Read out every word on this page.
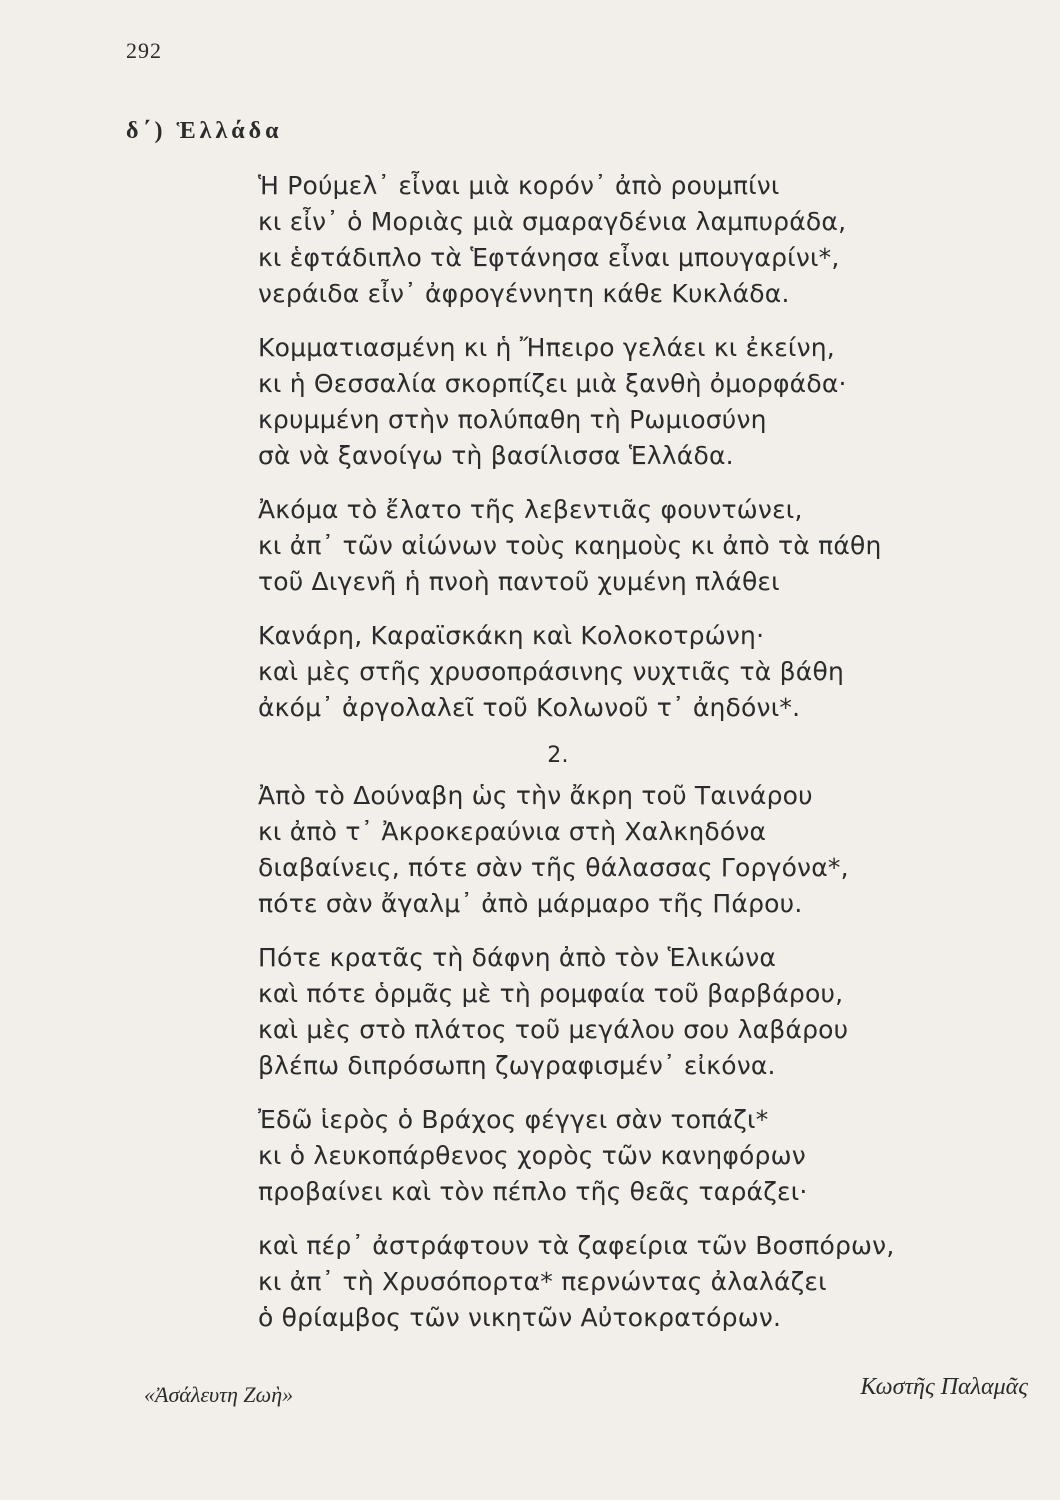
292
δ΄) Ἑλλάδα
Ἡ Ρούμελ᾽ εἶναι μιὰ κορόν᾽ ἀπὸ ρουμπίνι
κι εἶν᾽ ὁ Μοριὰς μιὰ σμαραγδένια λαμπυράδα,
κι ἑφτάδιπλο τὰ Ἑφτάνησα εἶναι μπουγαρίνι*,
νεράιδα εἶν᾽ ἀφρογέννητη κάθε Κυκλάδα.
Κομματιασμένη κι ἡ Ἤπειρο γελάει κι ἐκείνη,
κι ἡ Θεσσαλία σκορπίζει μιὰ ξανθὴ ὀμορφάδα·
κρυμμένη στὴν πολύπαθη τὴ Ρωμιοσύνη
σὰ νὰ ξανοίγω τὴ βασίλισσα Ἑλλάδα.
Ἀκόμα τὸ ἔλατο τῆς λεβεντιᾶς φουντώνει,
κι ἀπ᾽ τῶν αἰώνων τοὺς καημοὺς κι ἀπὸ τὰ πάθη
τοῦ Διγενῆ ἡ πνοὴ παντοῦ χυμένη πλάθει
Κανάρη, Καραϊσκάκη καὶ Κολοκοτρώνη·
καὶ μὲς στῆς χρυσοπράσινης νυχτιᾶς τὰ βάθη
ἀκόμ᾽ ἀργολαλεῖ τοῦ Κολωνοῦ τ᾽ ἀηδόνι*.
2.
Ἀπὸ τὸ Δούναβη ὡς τὴν ἄκρη τοῦ Ταινάρου
κι ἀπὸ τ᾽ Ἀκροκεραύνια στὴ Χαλκηδόνα
διαβαίνεις, πότε σὰν τῆς θάλασσας Γοργόνα*,
πότε σὰν ἄγαλμ᾽ ἀπὸ μάρμαρο τῆς Πάρου.
Πότε κρατᾶς τὴ δάφνη ἀπὸ τὸν Ἑλικώνα
καὶ πότε ὁρμᾶς μὲ τὴ ρομφαία τοῦ βαρβάρου,
καὶ μὲς στὸ πλάτος τοῦ μεγάλου σου λαβάρου
βλέπω διπρόσωπη ζωγραφισμέν᾽ εἰκόνα.
Ἐδῶ ἱερὸς ὁ Βράχος φέγγει σὰν τοπάζι*
κι ὁ λευκοπάρθενος χορὸς τῶν κανηφόρων
προβαίνει καὶ τὸν πέπλο τῆς θεᾶς ταράζει·
καὶ πέρ᾽ ἀστράφτουν τὰ ζαφείρια τῶν Βοσπόρων,
κι ἀπ᾽ τὴ Χρυσόπορτα* περνώντας ἀλαλάζει
ὁ θρίαμβος τῶν νικητῶν Αὐτοκρατόρων.
«Ἀσάλευτη Ζωὴ»	Κωστῆς Παλαμᾶς
